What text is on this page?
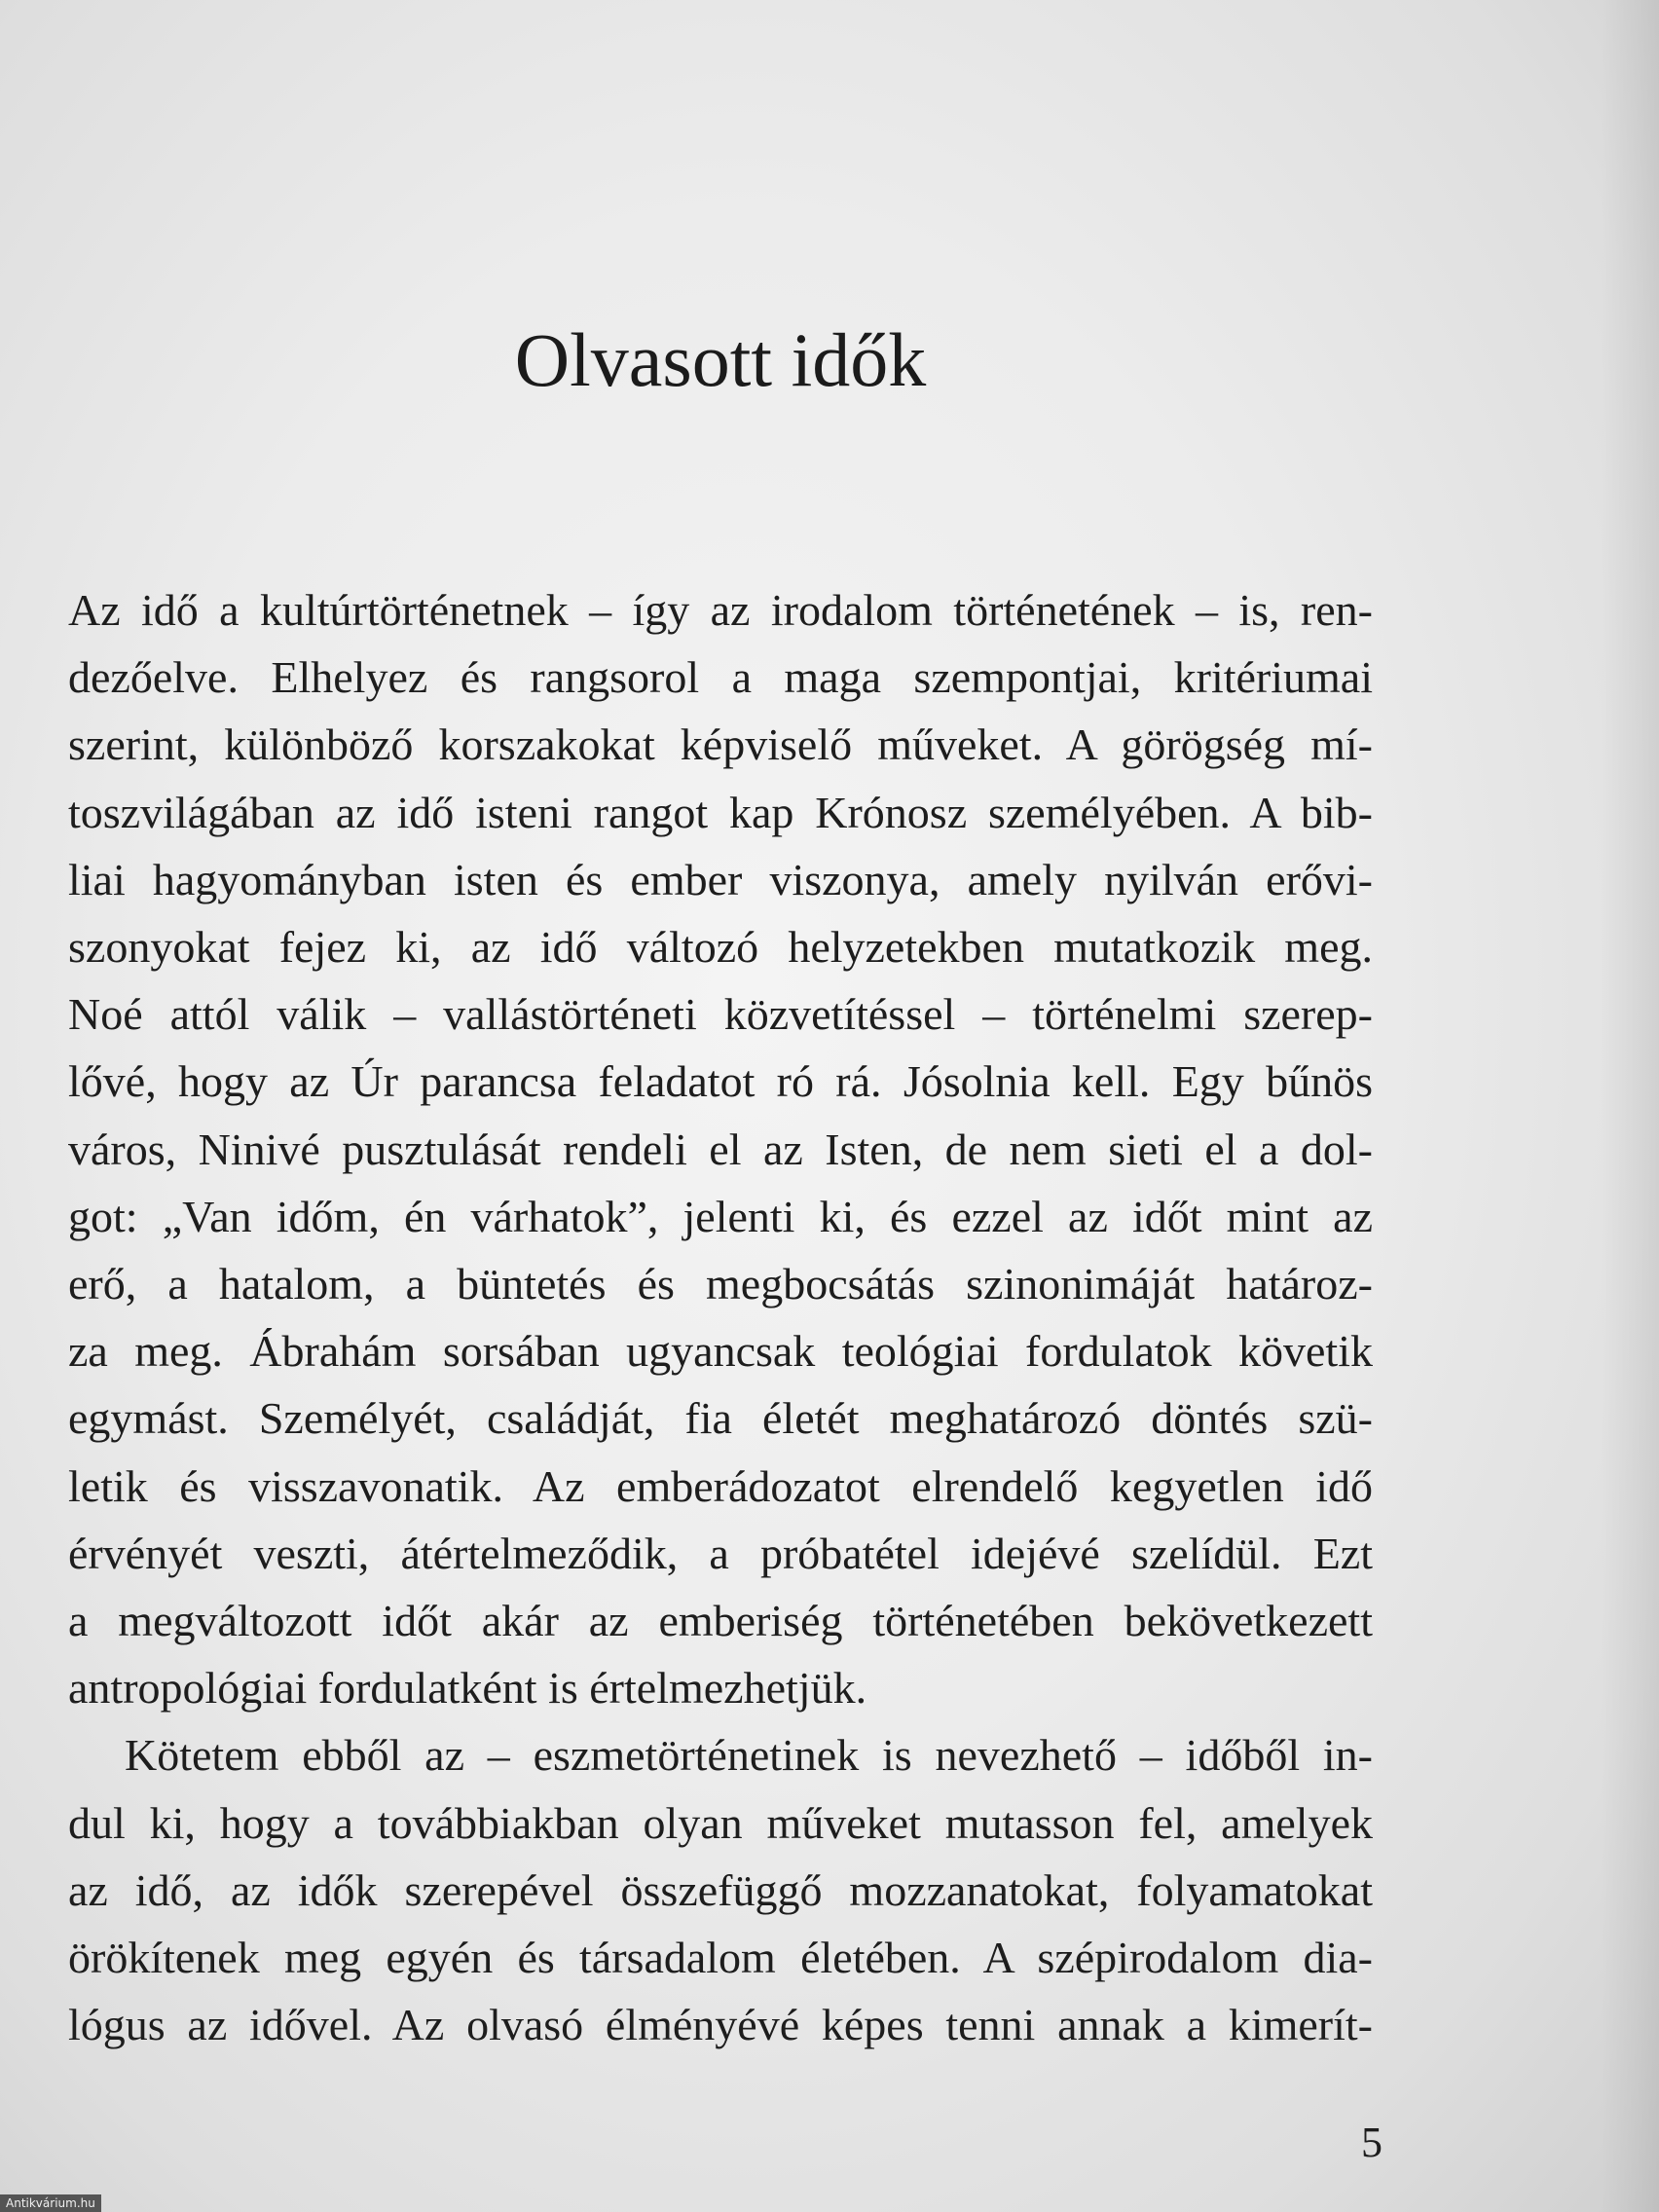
Olvasott idők

Az idő a kultúrtörténetnek – így az irodalom történetének – is, ren-
dezőelve. Elhelyez és rangsorol a maga szempontjai, kritériumai
szerint, különböző korszakokat képviselő műveket. A görögség mí-
toszvilágában az idő isteni rangot kap Krónosz személyében. A bib-
liai hagyományban isten és ember viszonya, amely nyilván erővi-
szonyokat fejez ki, az idő változó helyzetekben mutatkozik meg.
Noé attól válik – vallástörténeti közvetítéssel – történelmi szerep-
lővé, hogy az Úr parancsa feladatot ró rá. Jósolnia kell. Egy bűnös
város, Ninivé pusztulását rendeli el az Isten, de nem sieti el a dol-
got: „Van időm, én várhatok”, jelenti ki, és ezzel az időt mint az
erő, a hatalom, a büntetés és megbocsátás szinonimáját határoz-
za meg. Ábrahám sorsában ugyancsak teológiai fordulatok követik
egymást. Személyét, családját, fia életét meghatározó döntés szü-
letik és visszavonatik. Az emberádozatot elrendelő kegyetlen idő
érvényét veszti, átértelmeződik, a próbatétel idejévé szelídül. Ezt
a megváltozott időt akár az emberiség történetében bekövetkezett
antropológiai fordulatként is értelmezhetjük.

Kötetem ebből az – eszmetörténetinek is nevezhető – időből in-
dul ki, hogy a továbbiakban olyan műveket mutasson fel, amelyek
az idő, az idők szerepével összefüggő mozzanatokat, folyamatokat
örökítenek meg egyén és társadalom életében. A szépirodalom dia-
lógus az idővel. Az olvasó élményévé képes tenni annak a kimerít-

5
Antikvárium.hu
